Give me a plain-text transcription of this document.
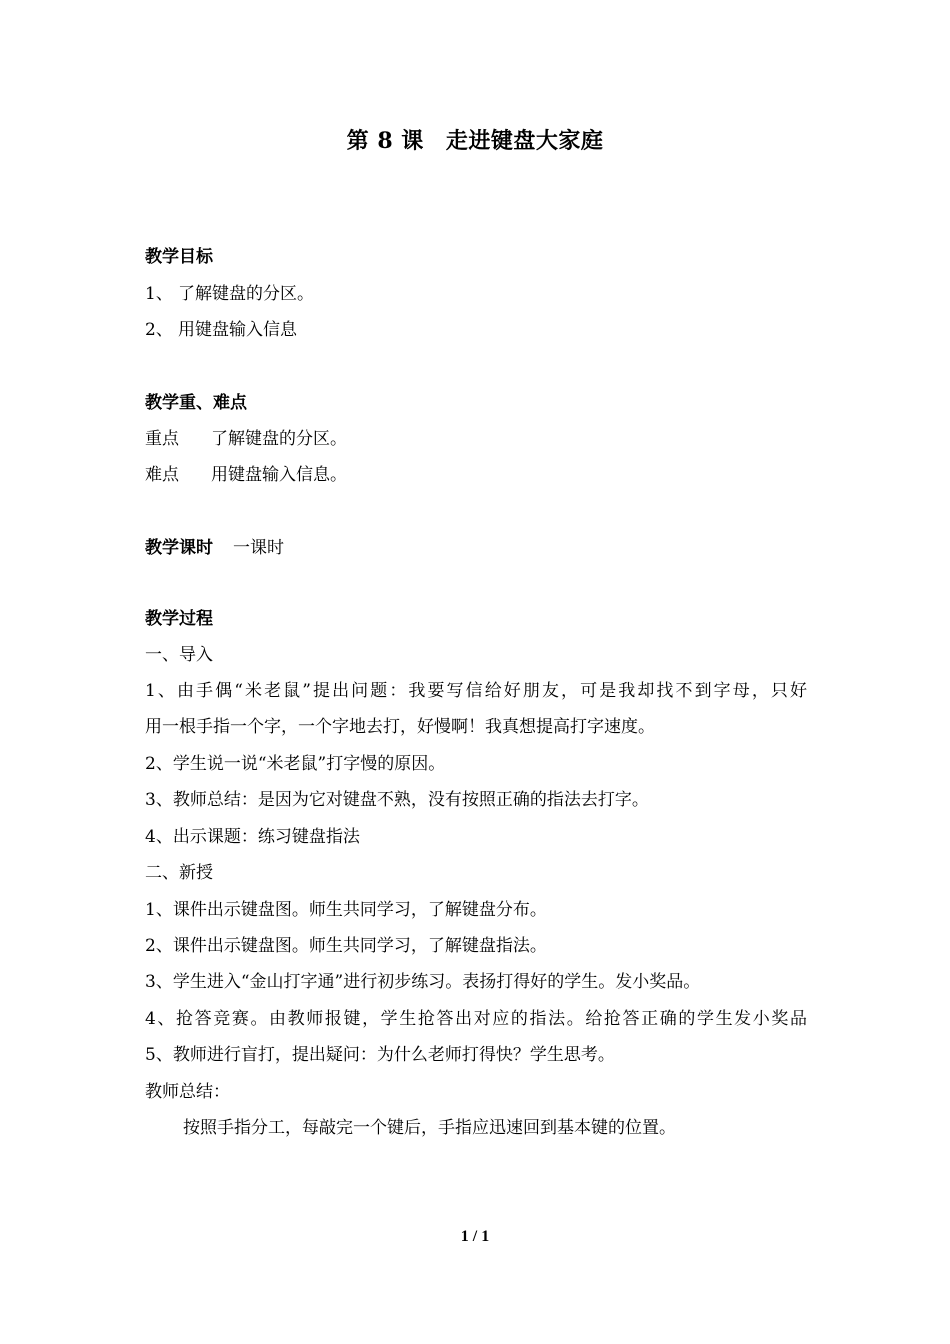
第 8 课 走进键盘大家庭
教学目标
1、 了解键盘的分区。
2、 用键盘输入信息
教学重、难点
重点 了解键盘的分区。
难点 用键盘输入信息。
教学课时 一课时
教学过程
一、导入
1、由手偶“米老鼠”提出问题：我要写信给好朋友，可是我却找不到字母，只好
用一根手指一个字，一个字地去打，好慢啊！我真想提高打字速度。
2、学生说一说“米老鼠”打字慢的原因。
3、教师总结：是因为它对键盘不熟，没有按照正确的指法去打字。
4、出示课题：练习键盘指法
二、新授
1、课件出示键盘图。师生共同学习，了解键盘分布。
2、课件出示键盘图。师生共同学习，了解键盘指法。
3、学生进入“金山打字通”进行初步练习。表扬打得好的学生。发小奖品。
4、抢答竞赛。由教师报键，学生抢答出对应的指法。给抢答正确的学生发小奖品
5、教师进行盲打，提出疑问：为什么老师打得快？学生思考。
教师总结：
按照手指分工，每敲完一个键后，手指应迅速回到基本键的位置。
1 / 1
